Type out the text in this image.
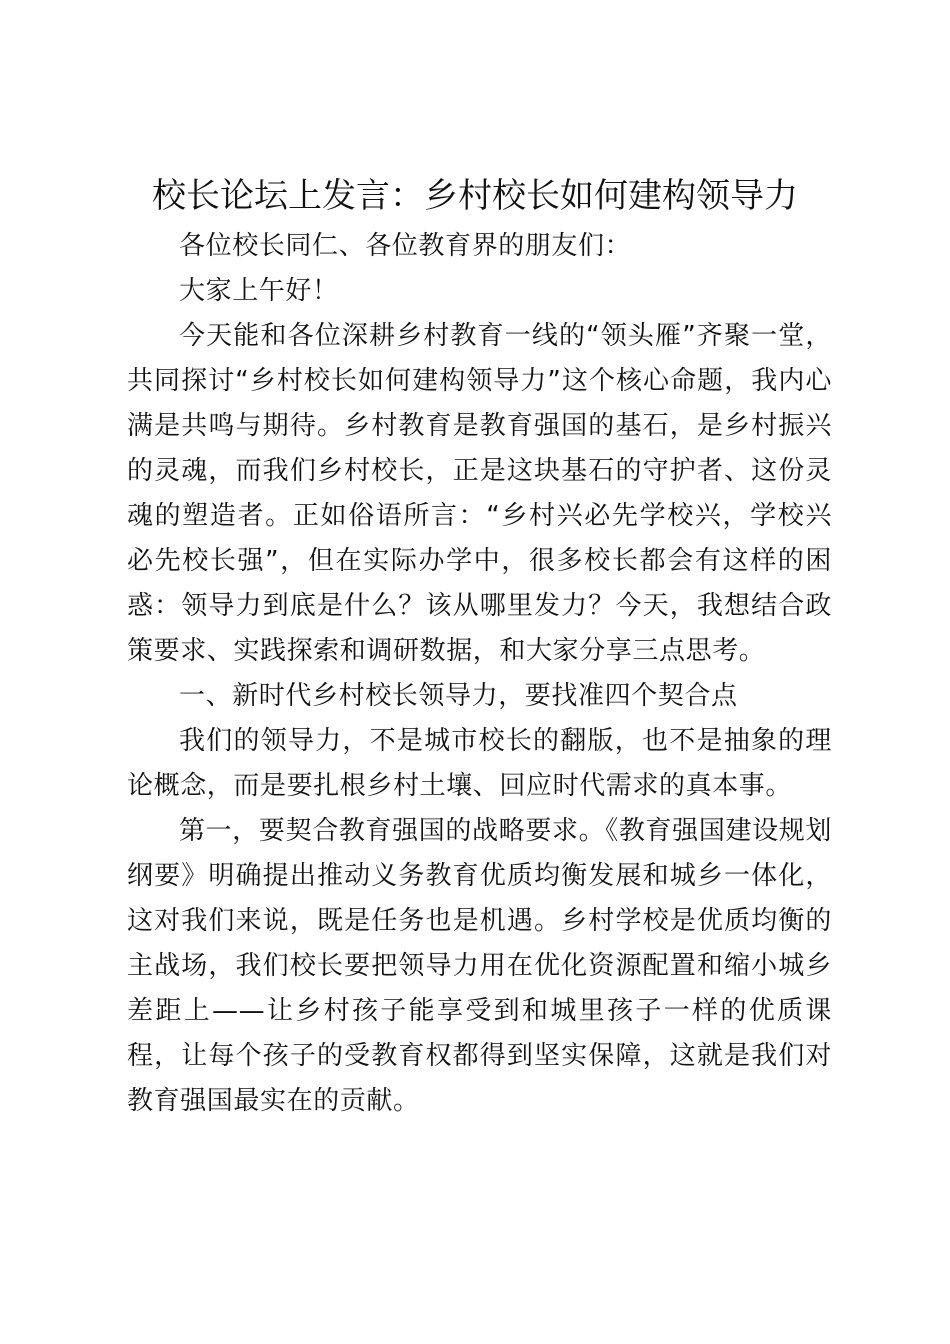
校长论坛上发言：乡村校长如何建构领导力

各位校长同仁、各位教育界的朋友们：

大家上午好！

今天能和各位深耕乡村教育一线的“领头雁”齐聚一堂，共同探讨“乡村校长如何建构领导力”这个核心命题，我内心满是共鸣与期待。乡村教育是教育强国的基石，是乡村振兴的灵魂，而我们乡村校长，正是这块基石的守护者、这份灵魂的塑造者。正如俗语所言：“乡村兴必先学校兴，学校兴必先校长强”，但在实际办学中，很多校长都会有这样的困惑：领导力到底是什么？该从哪里发力？今天，我想结合政策要求、实践探索和调研数据，和大家分享三点思考。

一、新时代乡村校长领导力，要找准四个契合点

我们的领导力，不是城市校长的翻版，也不是抽象的理论概念，而是要扎根乡村土壤、回应时代需求的真本事。

第一，要契合教育强国的战略要求。《教育强国建设规划纲要》明确提出推动义务教育优质均衡发展和城乡一体化，这对我们来说，既是任务也是机遇。乡村学校是优质均衡的主战场，我们校长要把领导力用在优化资源配置和缩小城乡差距上——让乡村孩子能享受到和城里孩子一样的优质课程，让每个孩子的受教育权都得到坚实保障，这就是我们对教育强国最实在的贡献。
